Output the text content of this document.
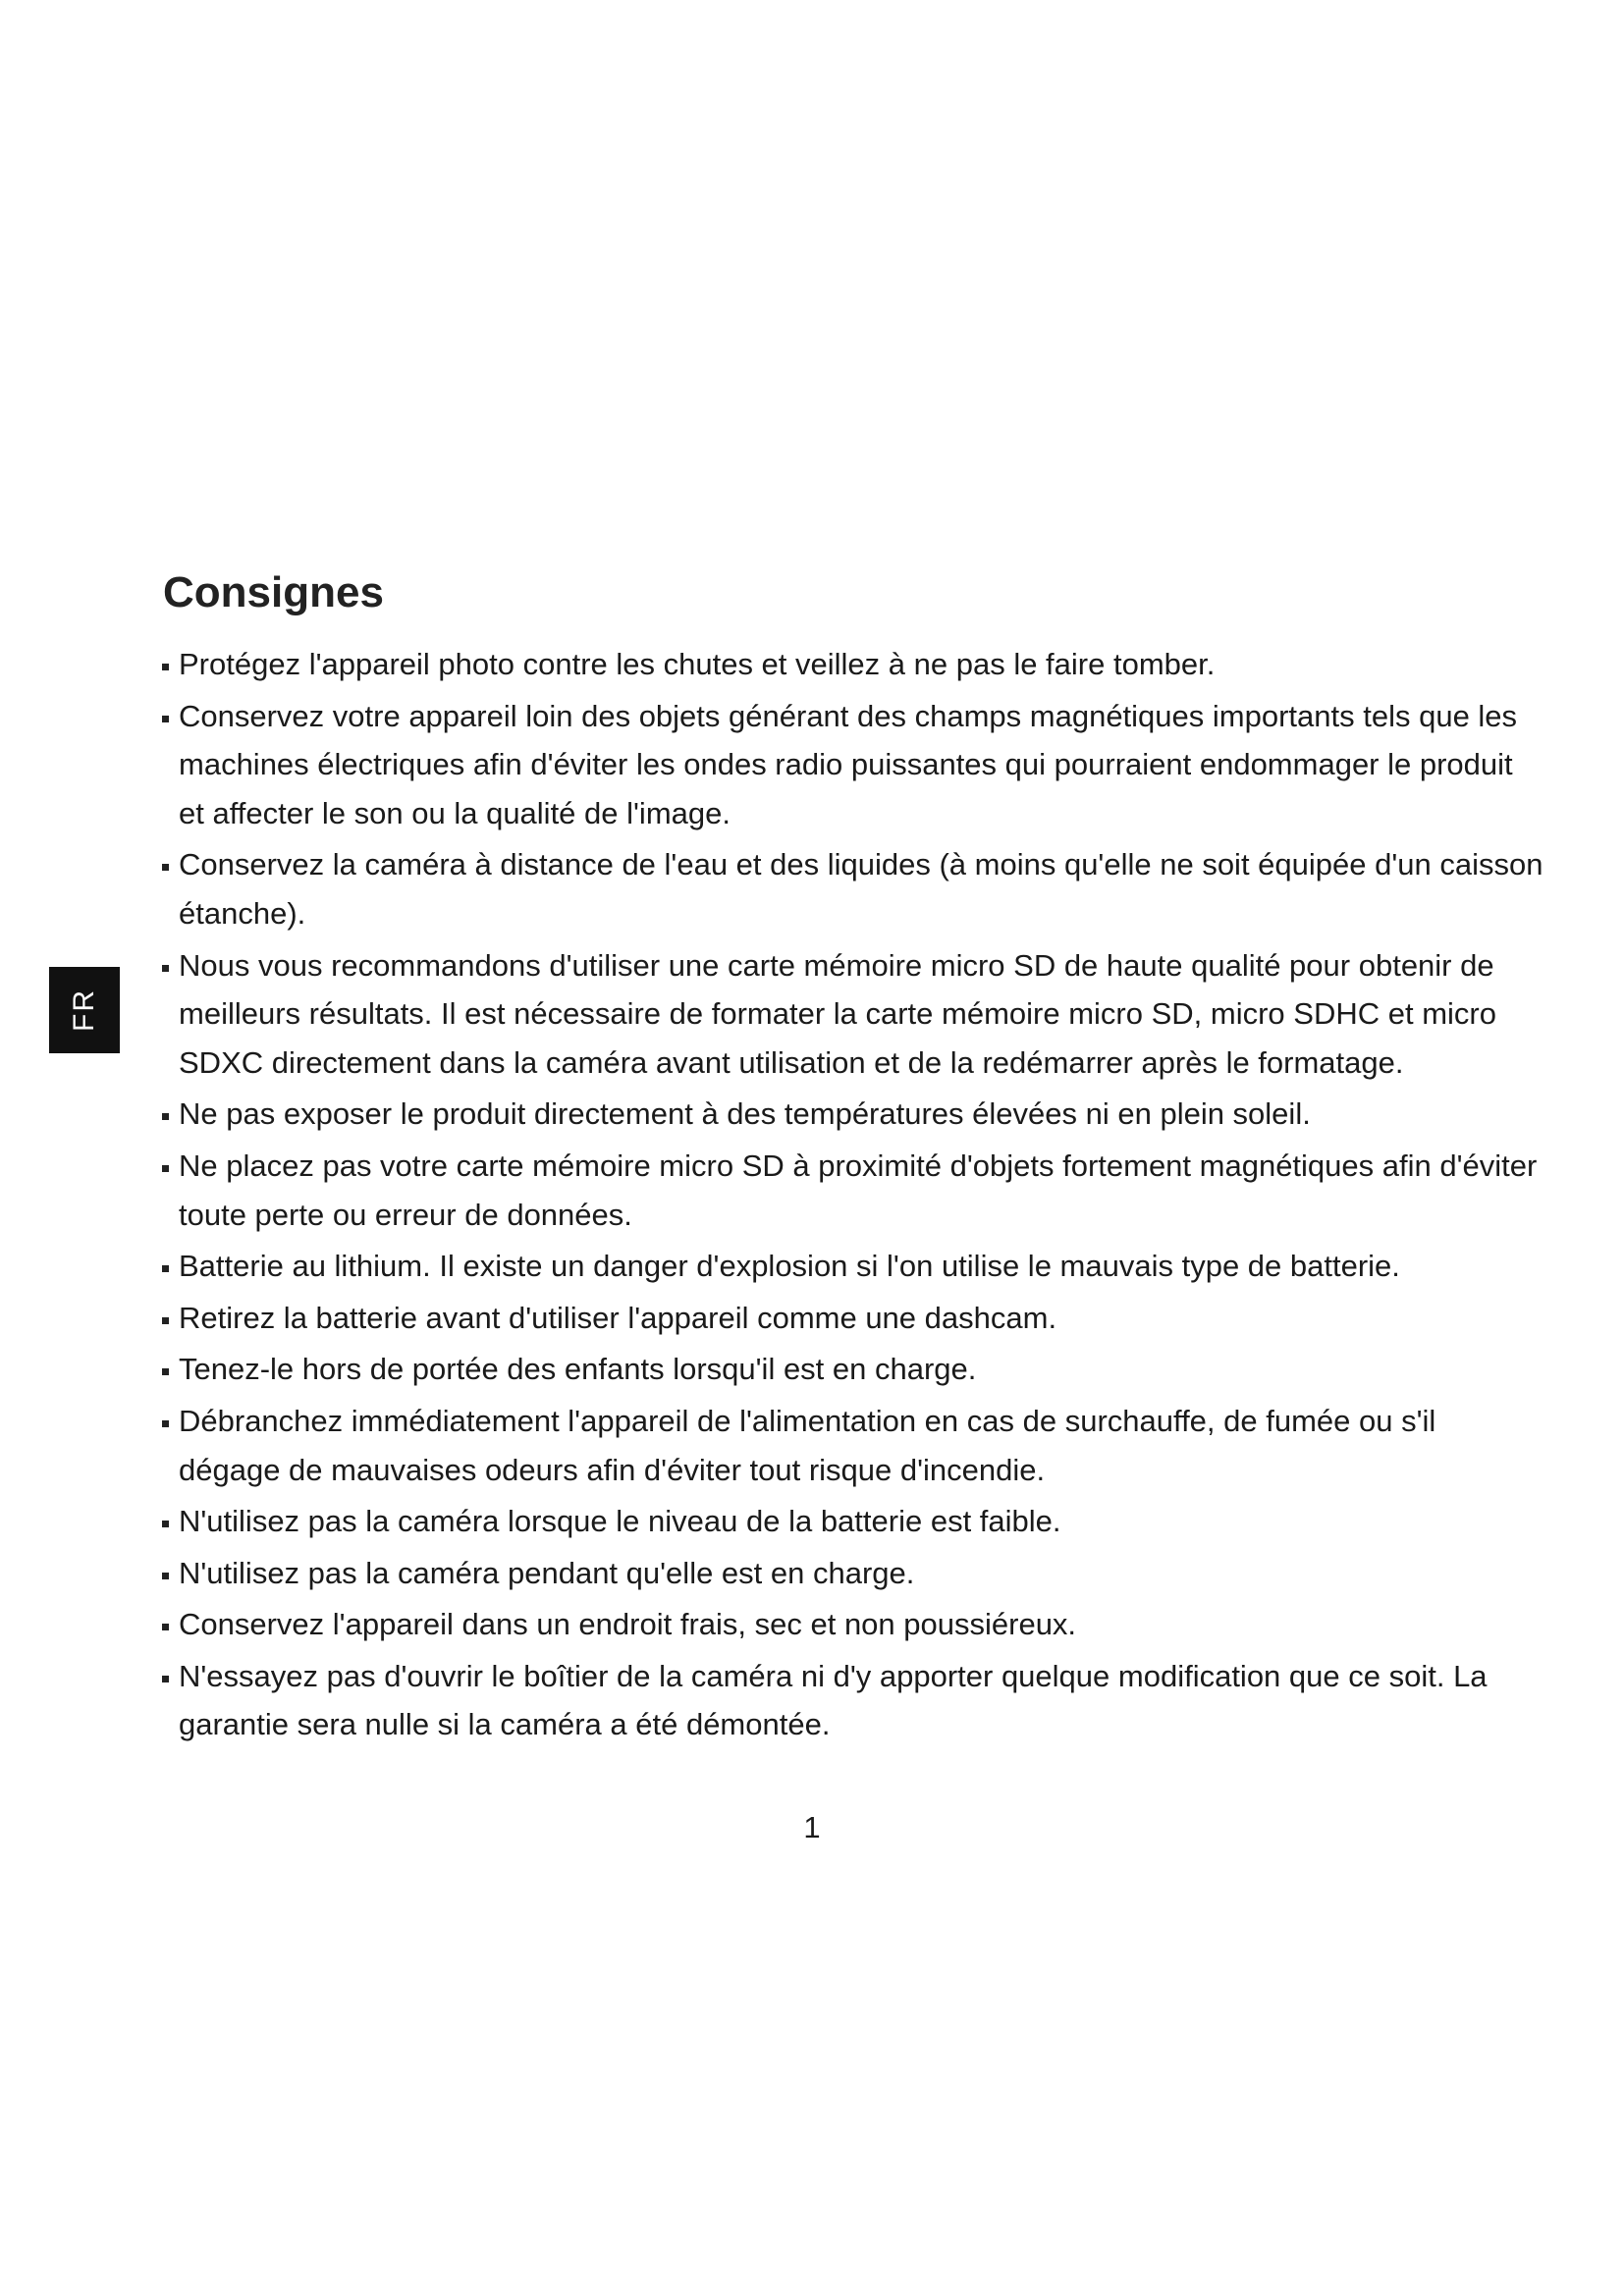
Consignes
FR
Protégez l'appareil photo contre les chutes et veillez à ne pas le faire tomber.
Conservez votre appareil loin des objets générant des champs magnétiques importants tels que les machines électriques afin d'éviter les ondes radio puissantes qui pourraient endommager le produit et affecter le son ou la qualité de l'image.
Conservez la caméra à distance de l'eau et des liquides (à moins qu'elle ne soit équipée d'un caisson étanche).
Nous vous recommandons d'utiliser une carte mémoire micro SD de haute qualité pour obtenir de meilleurs résultats. Il est nécessaire de formater la carte mémoire micro SD, micro SDHC et micro SDXC directement dans la caméra avant utilisation et de la redémarrer après le formatage.
Ne pas exposer le produit directement à des températures élevées ni en plein soleil.
Ne placez pas votre carte mémoire micro SD à proximité d'objets fortement magnétiques afin d'éviter toute perte ou erreur de données.
Batterie au lithium. Il existe un danger d'explosion si l'on utilise le mauvais type de batterie.
Retirez la batterie avant d'utiliser l'appareil comme une dashcam.
Tenez-le hors de portée des enfants lorsqu'il est en charge.
Débranchez immédiatement l'appareil de l'alimentation en cas de surchauffe, de fumée ou s'il dégage de mauvaises odeurs afin d'éviter tout risque d'incendie.
N'utilisez pas la caméra lorsque le niveau de la batterie est faible.
N'utilisez pas la caméra pendant qu'elle est en charge.
Conservez l'appareil dans un endroit frais, sec et non poussiéreux.
N'essayez pas d'ouvrir le boîtier de la caméra ni d'y apporter quelque modification que ce soit. La garantie sera nulle si la caméra a été démontée.
1
